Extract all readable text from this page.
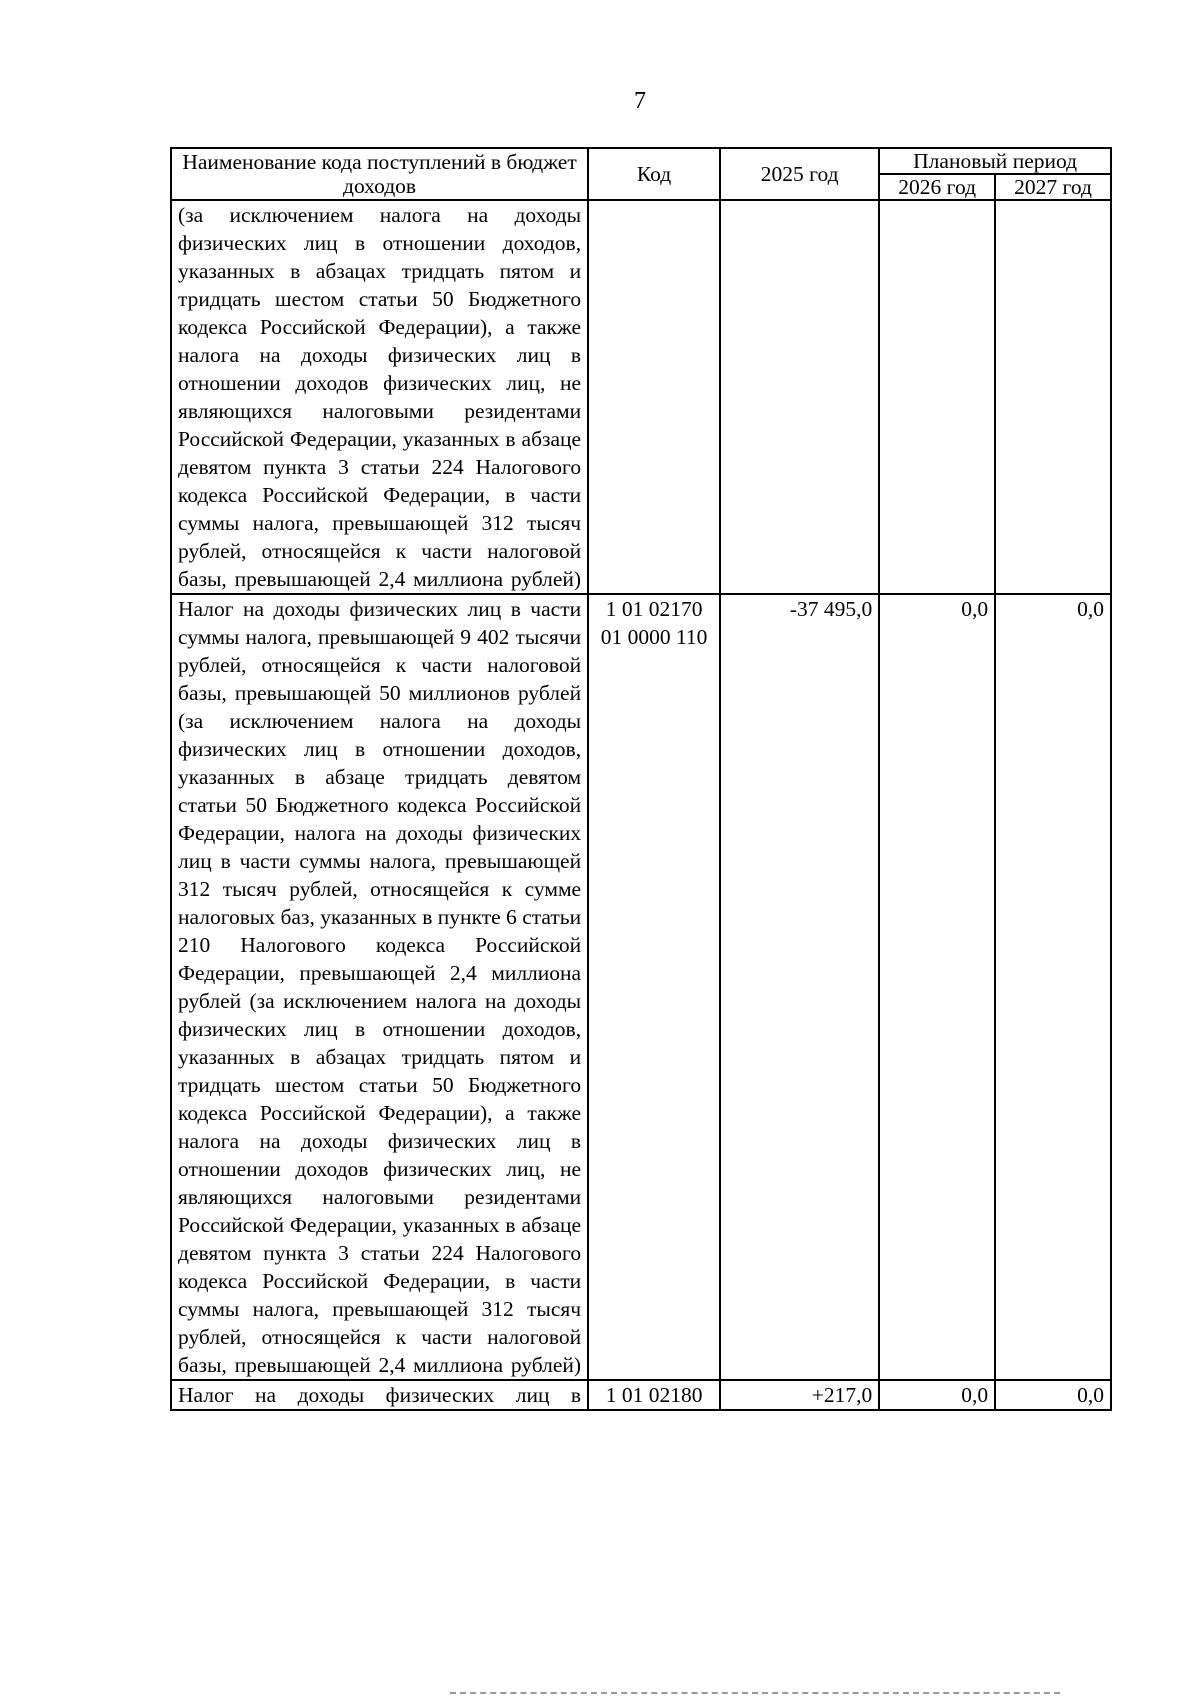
7
Наименование кода поступлений в бюджет доходов	Код	2025 год	Плановый период	
			2026 год	2027 год
(за исключением налога на доходы физических лиц в отношении доходов, указанных в абзацах тридцать пятом и тридцать шестом статьи 50 Бюджетного кодекса Российской Федерации), а также налога на доходы физических лиц в отношении доходов физических лиц, не являющихся налоговыми резидентами Российской Федерации, указанных в абзаце девятом пункта 3 статьи 224 Налогового кодекса Российской Федерации, в части суммы налога, превышающей 312 тысяч рублей, относящейся к части налоговой базы, превышающей 2,4 миллиона рублей)				
Налог на доходы физических лиц в части суммы налога, превышающей 9 402 тысячи рублей, относящейся к части налоговой базы, превышающей 50 миллионов рублей (за исключением налога на доходы физических лиц в отношении доходов, указанных в абзаце тридцать девятом статьи 50 Бюджетного кодекса Российской Федерации, налога на доходы физических лиц в части суммы налога, превышающей 312 тысяч рублей, относящейся к сумме налоговых баз, указанных в пункте 6 статьи 210 Налогового кодекса Российской Федерации, превышающей 2,4 миллиона рублей (за исключением налога на доходы физических лиц в отношении доходов, указанных в абзацах тридцать пятом и тридцать шестом статьи 50 Бюджетного кодекса Российской Федерации), а также налога на доходы физических лиц в отношении доходов физических лиц, не являющихся налоговыми резидентами Российской Федерации, указанных в абзаце девятом пункта 3 статьи 224 Налогового кодекса Российской Федерации, в части суммы налога, превышающей 312 тысяч рублей, относящейся к части налоговой базы, превышающей 2,4 миллиона рублей)	1 01 02170 01 0000 110	-37 495,0	0,0	0,0
Налог на доходы физических лиц в	1 01 02180	+217,0	0,0	0,0
